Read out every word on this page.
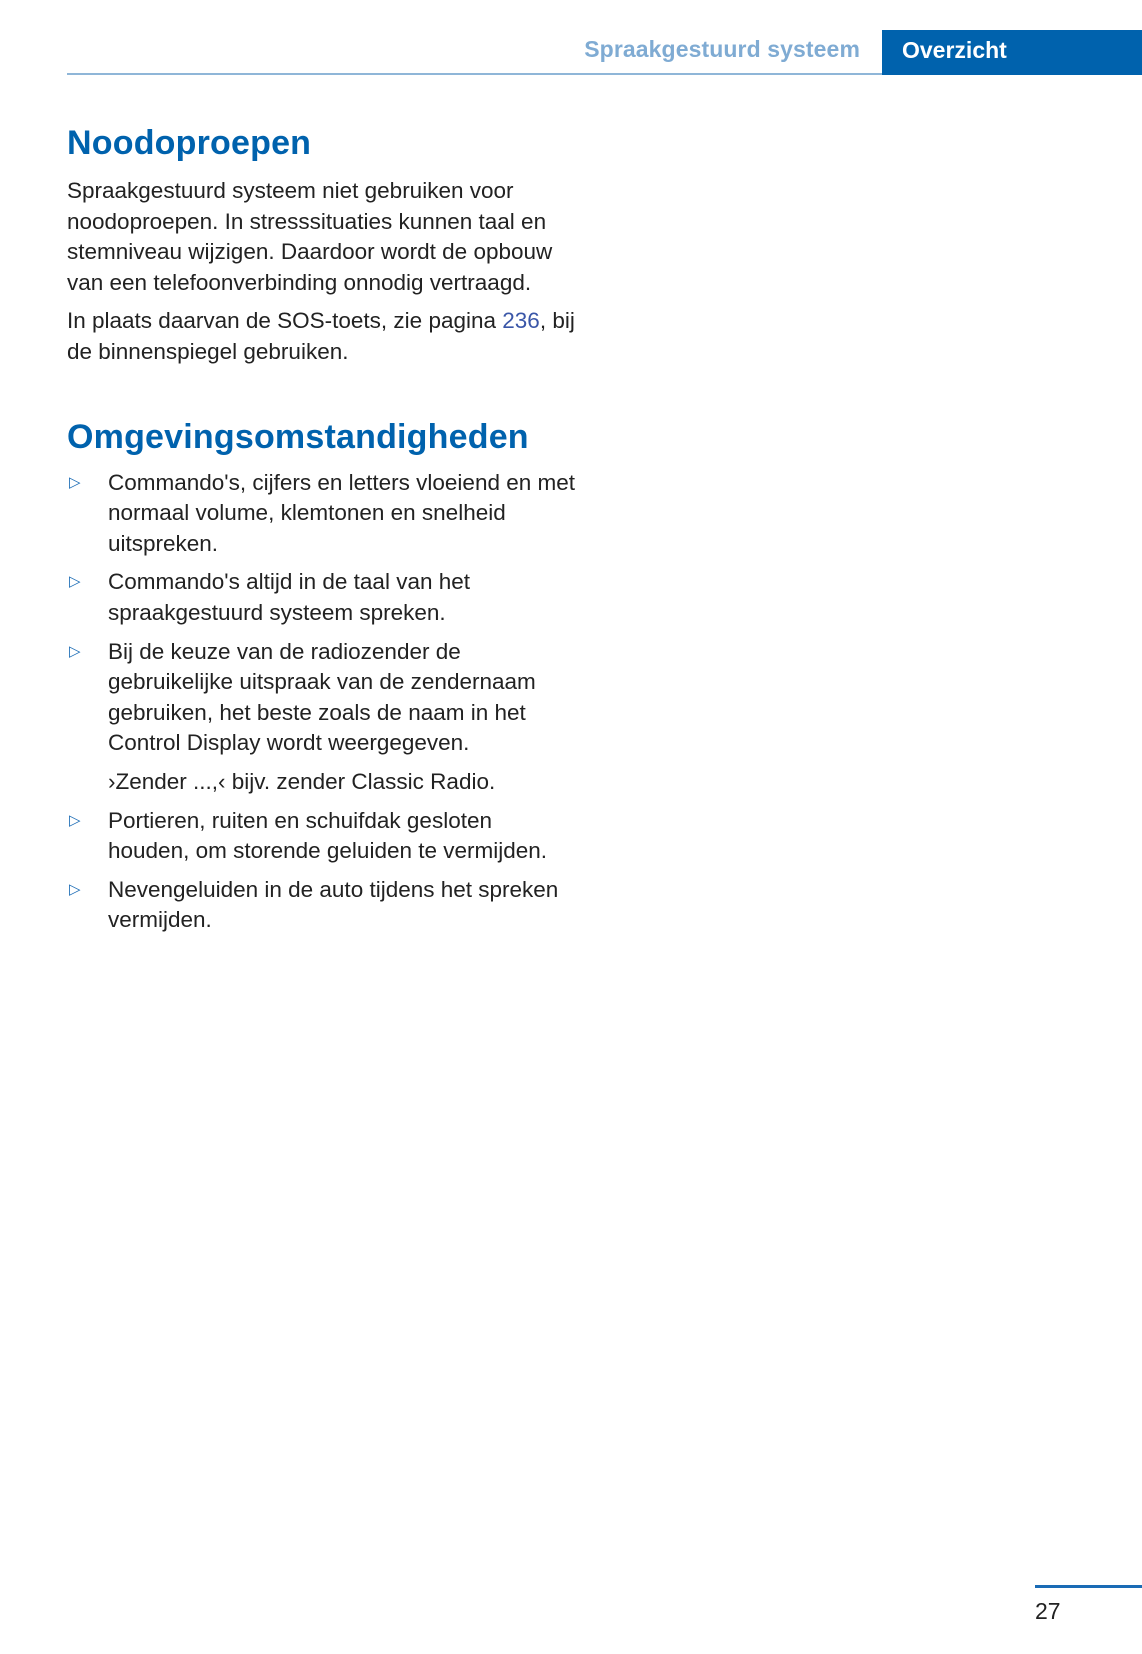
Spraakgestuurd systeem Overzicht
Noodoproepen

Spraakgestuurd systeem niet gebruiken voor noodoproepen. In stresssituaties kunnen taal en stemniveau wijzigen. Daardoor wordt de opbouw van een telefoonverbinding onnodig vertraagd.

In plaats daarvan de SOS-toets, zie pagina 236, bij de binnenspiegel gebruiken.

Omgevingsomstandigheden
▷ Commando's, cijfers en letters vloeiend en met normaal volume, klemtonen en snelheid uitspreken.
▷ Commando's altijd in de taal van het spraakgestuurd systeem spreken.
▷ Bij de keuze van de radiozender de gebruikelijke uitspraak van de zendernaam gebruiken, het beste zoals de naam in het Control Display wordt weergegeven.
›Zender ...,‹ bijv. zender Classic Radio.
▷ Portieren, ruiten en schuifdak gesloten houden, om storende geluiden te vermijden.
▷ Nevengeluiden in de auto tijdens het spreken vermijden.
27
